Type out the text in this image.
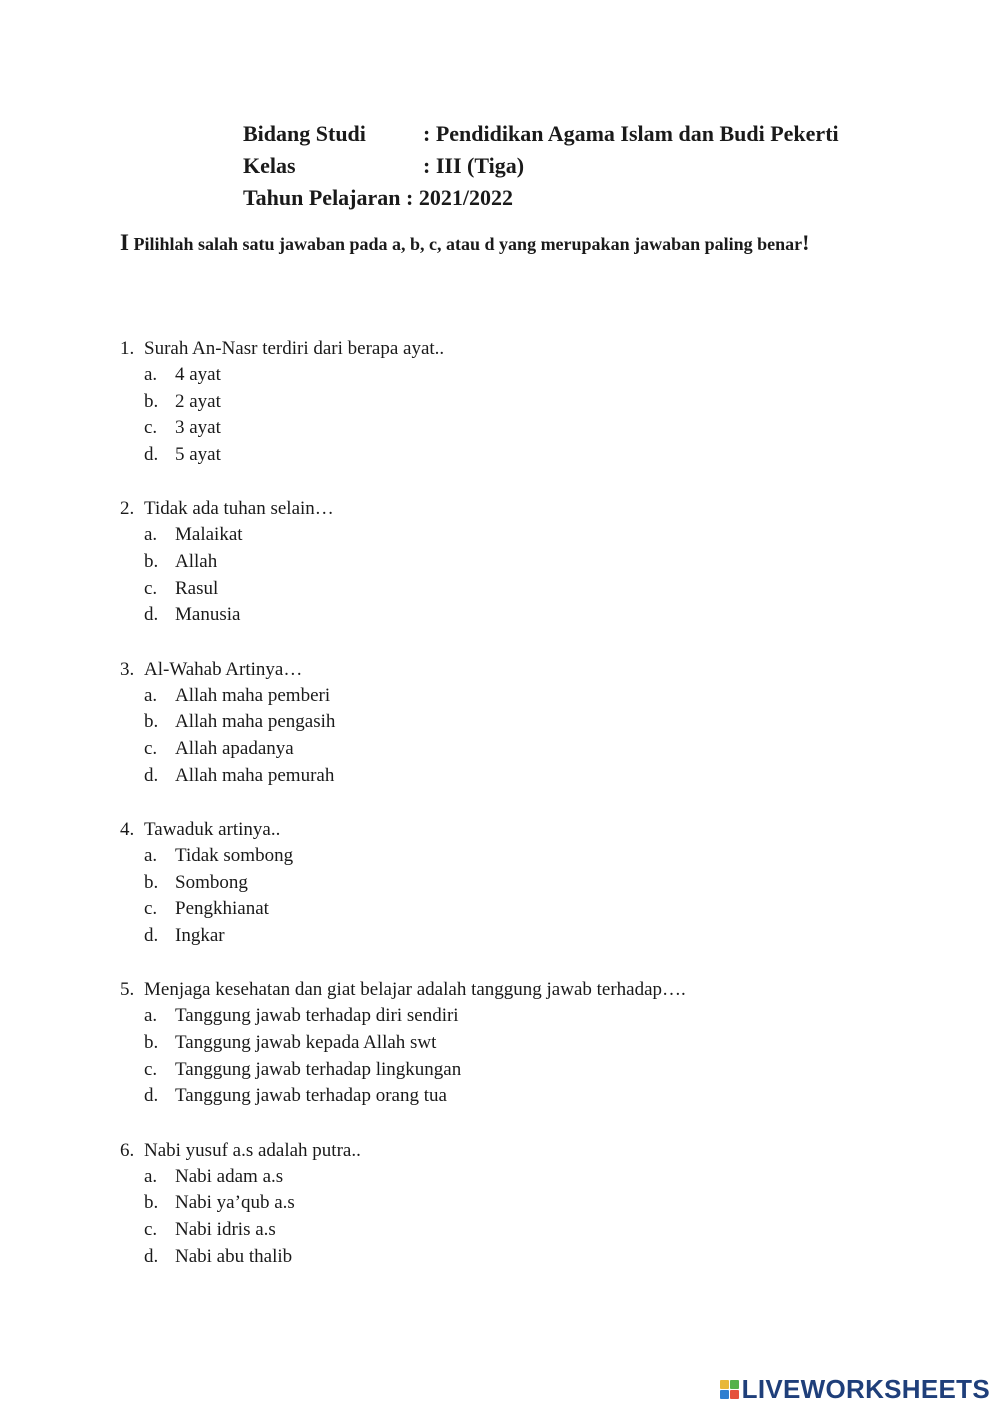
Bidang Studi	: Pendidikan Agama Islam dan Budi Pekerti
Kelas	: III (Tiga)
Tahun Pelajaran : 2021/2022
I Pilihlah salah satu jawaban pada a, b, c, atau d yang merupakan jawaban paling benar!
1. Surah An-Nasr terdiri dari berapa ayat..
a. 4 ayat
b. 2 ayat
c. 3 ayat
d. 5 ayat
2. Tidak ada tuhan selain…
a. Malaikat
b. Allah
c. Rasul
d. Manusia
3. Al-Wahab Artinya…
a. Allah maha pemberi
b. Allah maha pengasih
c. Allah apadanya
d. Allah maha pemurah
4. Tawaduk artinya..
a. Tidak sombong
b. Sombong
c. Pengkhianat
d. Ingkar
5. Menjaga kesehatan dan giat belajar adalah tanggung jawab terhadap….
a. Tanggung jawab terhadap diri sendiri
b. Tanggung jawab kepada Allah swt
c. Tanggung jawab terhadap lingkungan
d. Tanggung jawab terhadap orang tua
6. Nabi yusuf a.s adalah putra..
a. Nabi adam a.s
b. Nabi ya’qub a.s
c. Nabi idris a.s
d. Nabi abu thalib
LIVEWORKSHEETS
